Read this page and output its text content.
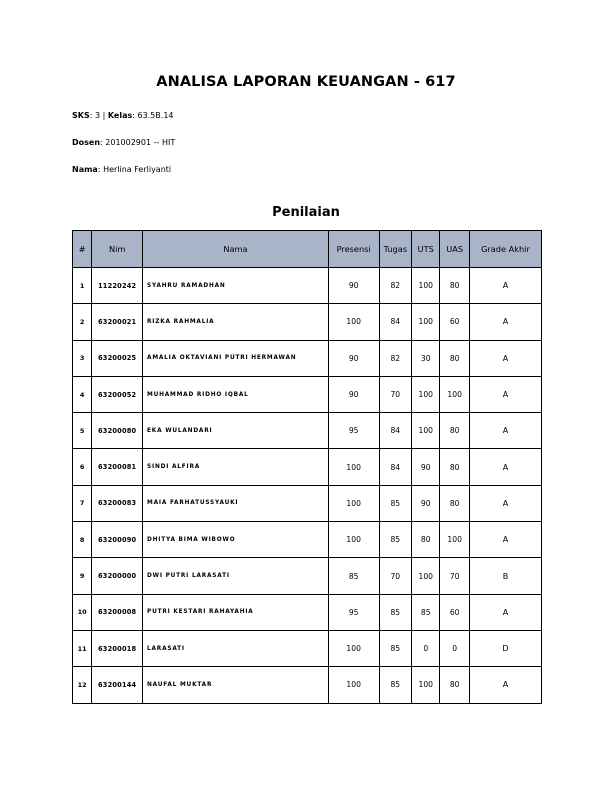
ANALISA LAPORAN KEUANGAN - 617
SKS: 3 | Kelas: 63.5B.14
Dosen: 201002901 -- HIT
Nama: Herlina Ferliyanti
Penilaian
#	Nim	Nama	Presensi	Tugas	UTS	UAS	Grade Akhir
1	11220242	SYAHRU RAMADHAN	90	82	100	80	A
2	63200021	RIZKA RAHMALIA	100	84	100	60	A
3	63200025	AMALIA OKTAVIANI PUTRI HERMAWAN	90	82	30	80	A
4	63200052	MUHAMMAD RIDHO IQBAL	90	70	100	100	A
5	63200080	EKA WULANDARI	95	84	100	80	A
6	63200081	SINDI ALFIRA	100	84	90	80	A
7	63200083	MAIA FARHATUSSYAUKI	100	85	90	80	A
8	63200090	DHITYA BIMA WIBOWO	100	85	80	100	A
9	63200000	DWI PUTRI LARASATI	85	70	100	70	B
10	63200008	PUTRI KESTARI RAHAYAHIA	95	85	85	60	A
11	63200018	LARASATI	100	85	0	0	D
12	63200144	NAUFAL MUKTAR	100	85	100	80	A
